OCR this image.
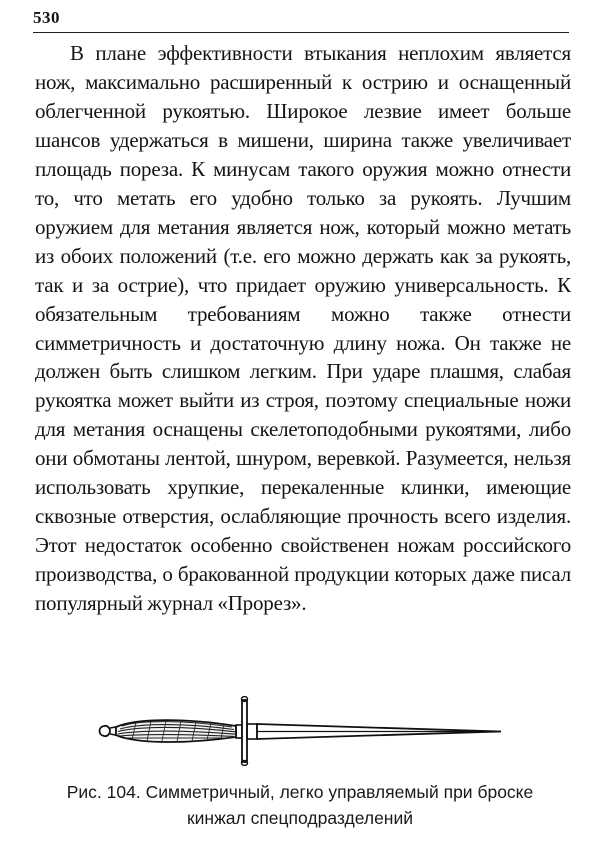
530

В плане эффективности втыкания неплохим является нож, максимально расширенный к острию и оснащенный облегченной рукоятью. Широкое лезвие имеет больше шансов удержаться в мишени, ширина также увеличивает площадь пореза. К минусам такого оружия можно отнести то, что метать его удобно только за рукоять. Лучшим оружием для метания является нож, который можно метать из обоих положений (т.е. его можно держать как за рукоять, так и за острие), что придает оружию универсальность. К обязательным требованиям можно также отнести симметричность и достаточную длину ножа. Он также не должен быть слишком легким. При ударе плашмя, слабая рукоятка может выйти из строя, поэтому специальные ножи для метания оснащены скелетоподобными рукоятями, либо они обмотаны лентой, шнуром, веревкой. Разумеется, нельзя использовать хрупкие, перекаленные клинки, имеющие сквозные отверстия, ослабляющие прочность всего изделия. Этот недостаток особенно свойственен ножам российского производства, о бракованной продукции которых даже писал популярный журнал «Прорез».

Рис. 104. Симметричный, легко управляемый при броске
кинжал спецподразделений
